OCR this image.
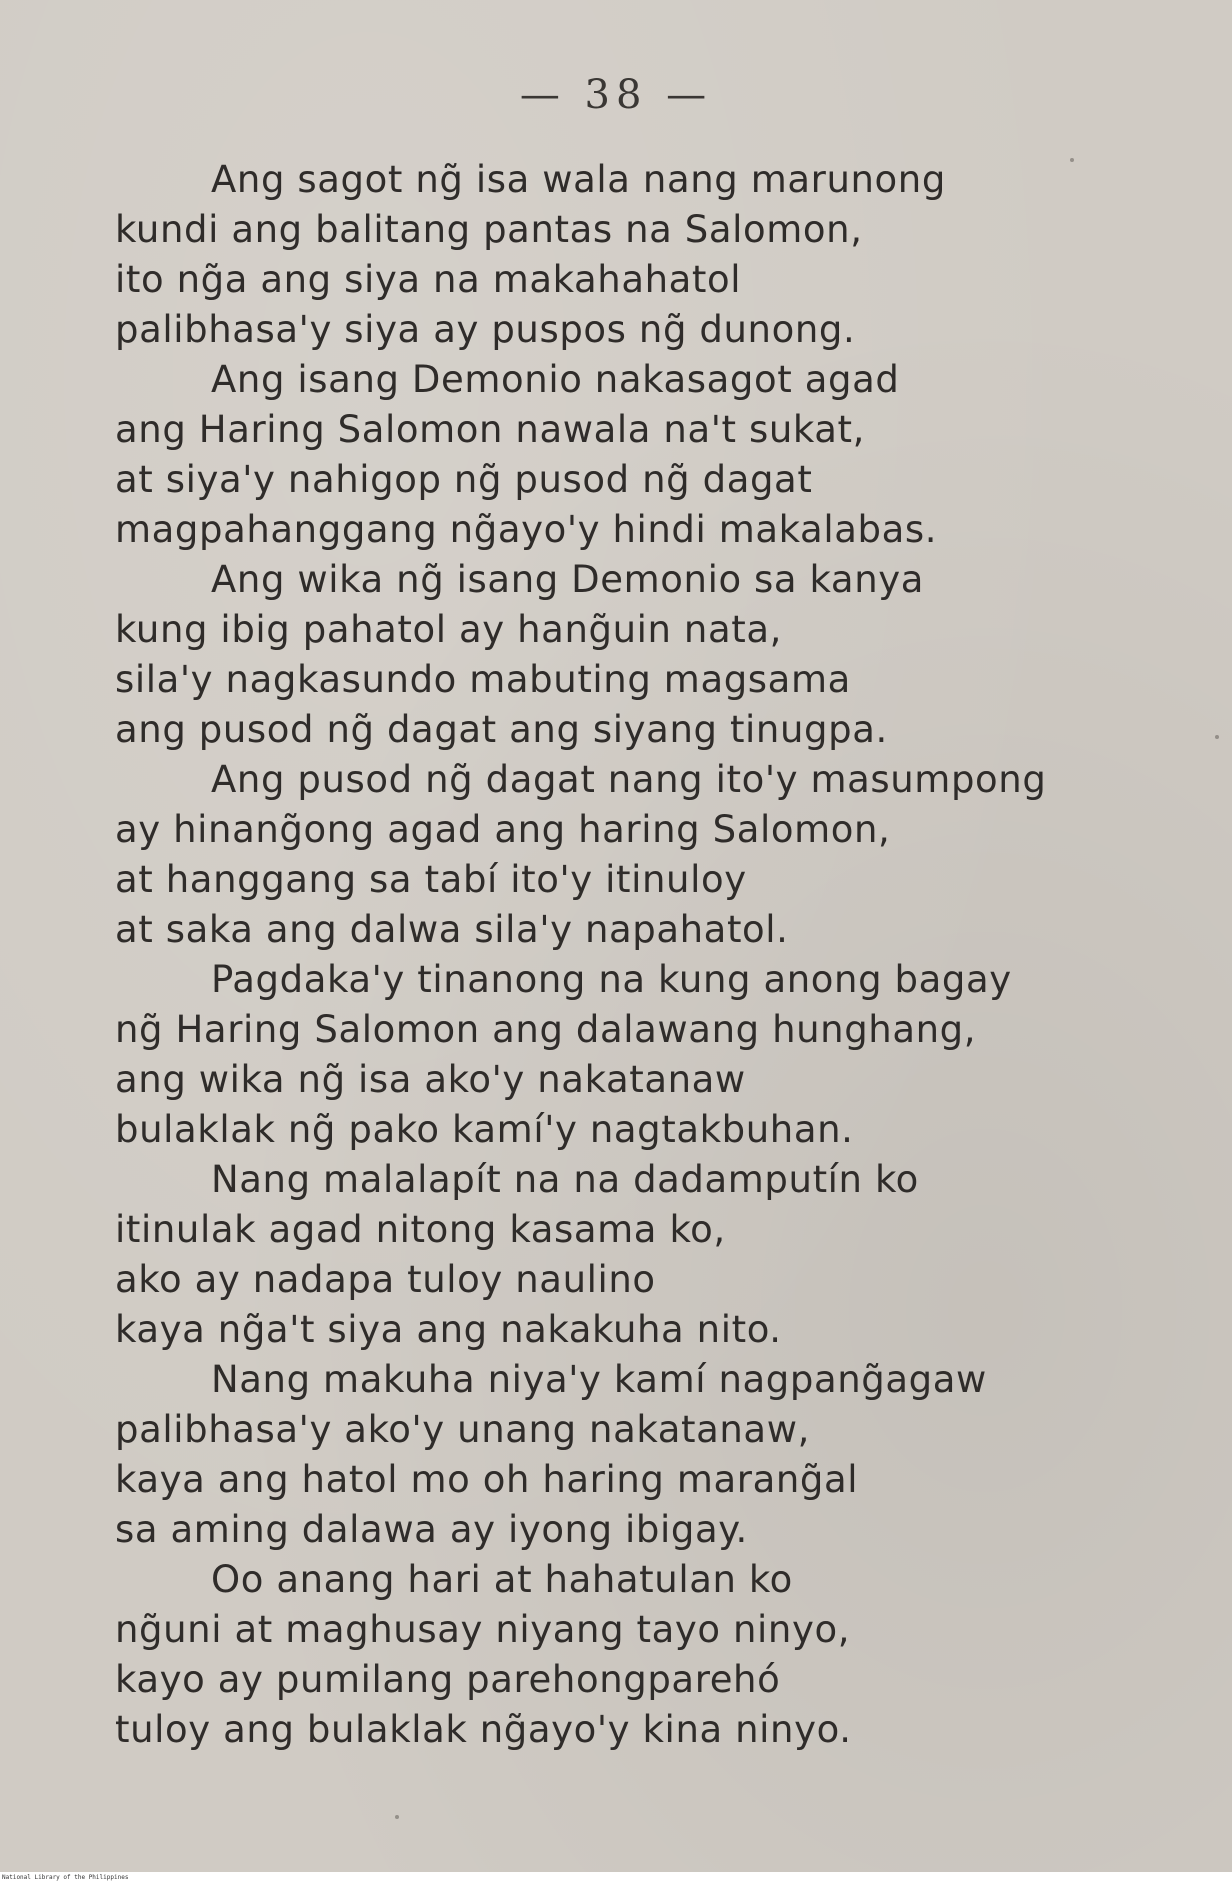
— 38 —
Ang sagot ng̃ isa wala nang marunong
kundi ang balitang pantas na Salomon,
ito ng̃a ang siya na makahahatol
palibhasa'y siya ay puspos ng̃ dunong.
Ang isang Demonio nakasagot agad
ang Haring Salomon nawala na't sukat,
at siya'y nahigop ng̃ pusod ng̃ dagat
magpahanggang ng̃ayo'y hindi makalabas.
Ang wika ng̃ isang Demonio sa kanya
kung ibig pahatol ay hang̃uin nata,
sila'y nagkasundo mabuting magsama
ang pusod ng̃ dagat ang siyang tinugpa.
Ang pusod ng̃ dagat nang ito'y masumpong
ay hinang̃ong agad ang haring Salomon,
at hanggang sa tabí ito'y itinuloy
at saka ang dalwa sila'y napahatol.
Pagdaka'y tinanong na kung anong bagay
ng̃ Haring Salomon ang dalawang hunghang,
ang wika ng̃ isa ako'y nakatanaw
bulaklak ng̃ pako kamí'y nagtakbuhan.
Nang malalapít na na dadamputín ko
itinulak agad nitong kasama ko,
ako ay nadapa tuloy naulino
kaya ng̃a't siya ang nakakuha nito.
Nang makuha niya'y kamí nagpang̃agaw
palibhasa'y ako'y unang nakatanaw,
kaya ang hatol mo oh haring marang̃al
sa aming dalawa ay iyong ibigay.
Oo anang hari at hahatulan ko
ng̃uni at maghusay niyang tayo ninyo,
kayo ay pumilang parehongparehó
tuloy ang bulaklak ng̃ayo'y kina ninyo.
National Library of the Philippines
